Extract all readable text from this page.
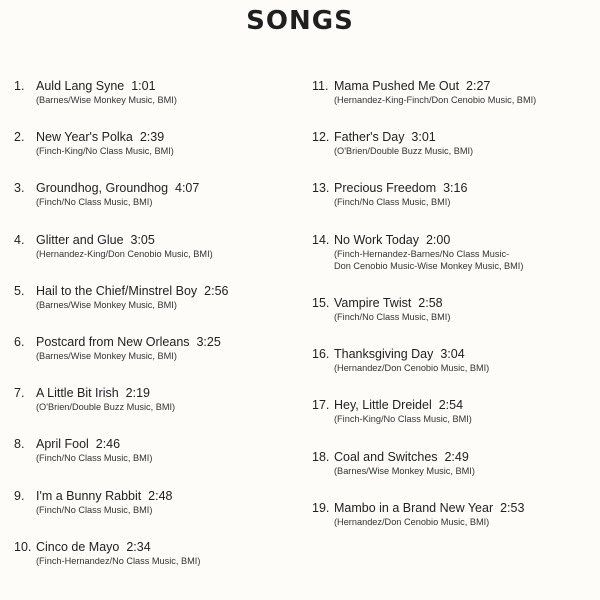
SONGS
1. Auld Lang Syne 1:01
(Barnes/Wise Monkey Music, BMI)
2. New Year's Polka 2:39
(Finch-King/No Class Music, BMI)
3. Groundhog, Groundhog 4:07
(Finch/No Class Music, BMI)
4. Glitter and Glue 3:05
(Hernandez-King/Don Cenobio Music, BMI)
5. Hail to the Chief/Minstrel Boy 2:56
(Barnes/Wise Monkey Music, BMI)
6. Postcard from New Orleans 3:25
(Barnes/Wise Monkey Music, BMI)
7. A Little Bit Irish 2:19
(O'Brien/Double Buzz Music, BMI)
8. April Fool 2:46
(Finch/No Class Music, BMI)
9. I'm a Bunny Rabbit 2:48
(Finch/No Class Music, BMI)
10. Cinco de Mayo 2:34
(Finch-Hernandez/No Class Music, BMI)
11. Mama Pushed Me Out 2:27
(Hernandez-King-Finch/Don Cenobio Music, BMI)
12. Father's Day 3:01
(O'Brien/Double Buzz Music, BMI)
13. Precious Freedom 3:16
(Finch/No Class Music, BMI)
14. No Work Today 2:00
(Finch-Hernandez-Barnes/No Class Music-
Don Cenobio Music-Wise Monkey Music, BMI)
15. Vampire Twist 2:58
(Finch/No Class Music, BMI)
16. Thanksgiving Day 3:04
(Hernandez/Don Cenobio Music, BMI)
17. Hey, Little Dreidel 2:54
(Finch-King/No Class Music, BMI)
18. Coal and Switches 2:49
(Barnes/Wise Monkey Music, BMI)
19. Mambo in a Brand New Year 2:53
(Hernandez/Don Cenobio Music, BMI)
